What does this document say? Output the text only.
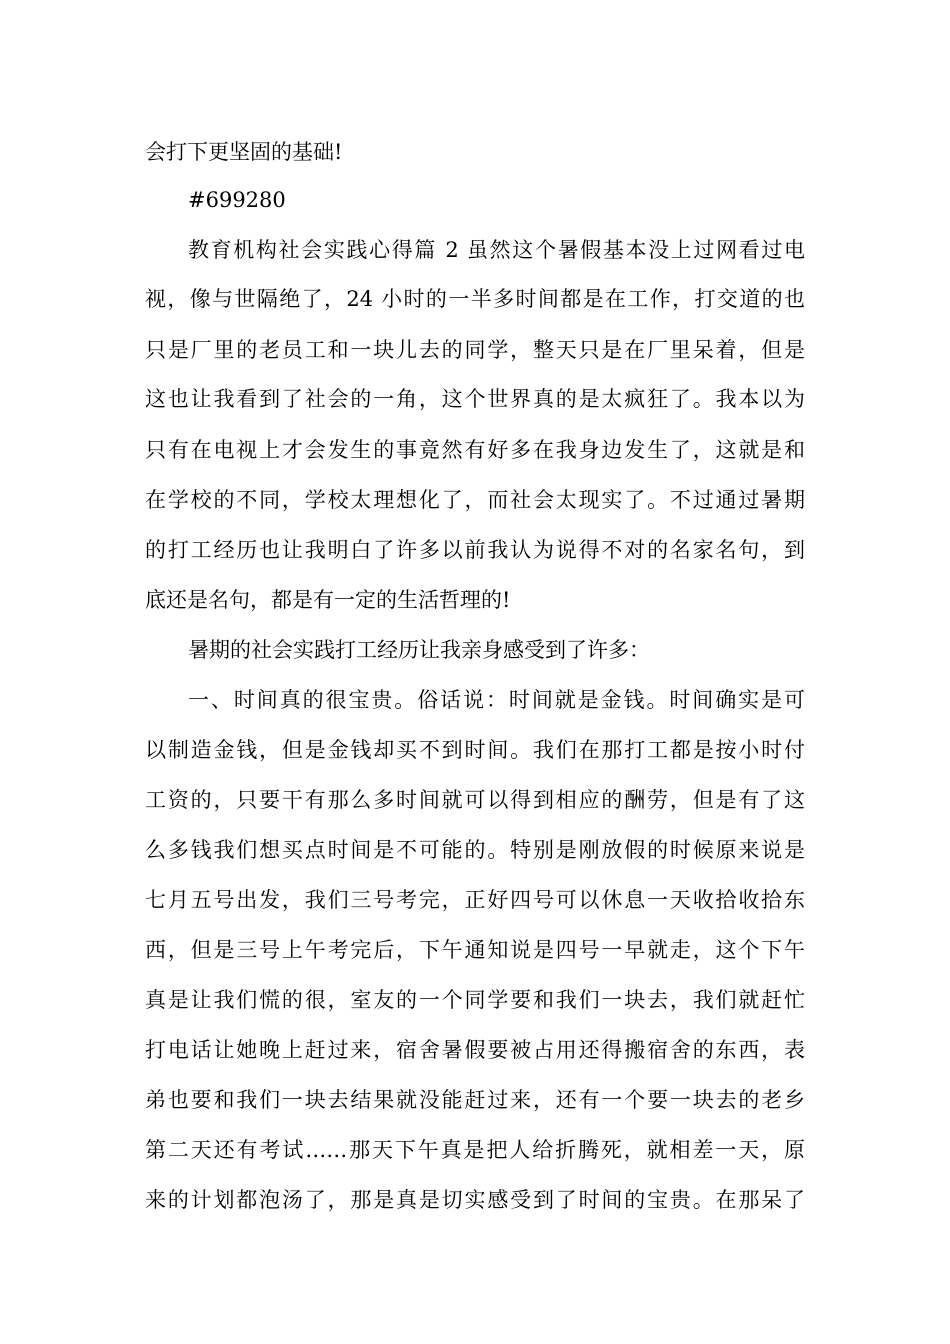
会打下更坚固的基础!
#699280
教育机构社会实践心得篇 2 虽然这个暑假基本没上过网看过电
视，像与世隔绝了，24 小时的一半多时间都是在工作，打交道的也
只是厂里的老员工和一块儿去的同学，整天只是在厂里呆着，但是
这也让我看到了社会的一角，这个世界真的是太疯狂了。我本以为
只有在电视上才会发生的事竟然有好多在我身边发生了，这就是和
在学校的不同，学校太理想化了，而社会太现实了。不过通过暑期
的打工经历也让我明白了许多以前我认为说得不对的名家名句，到
底还是名句，都是有一定的生活哲理的!
暑期的社会实践打工经历让我亲身感受到了许多：
一、时间真的很宝贵。俗话说：时间就是金钱。时间确实是可
以制造金钱，但是金钱却买不到时间。我们在那打工都是按小时付
工资的，只要干有那么多时间就可以得到相应的酬劳，但是有了这
么多钱我们想买点时间是不可能的。特别是刚放假的时候原来说是
七月五号出发，我们三号考完，正好四号可以休息一天收拾收拾东
西，但是三号上午考完后，下午通知说是四号一早就走，这个下午
真是让我们慌的很，室友的一个同学要和我们一块去，我们就赶忙
打电话让她晚上赶过来，宿舍暑假要被占用还得搬宿舍的东西，表
弟也要和我们一块去结果就没能赶过来，还有一个要一块去的老乡
第二天还有考试……那天下午真是把人给折腾死，就相差一天，原
来的计划都泡汤了，那是真是切实感受到了时间的宝贵。在那呆了
